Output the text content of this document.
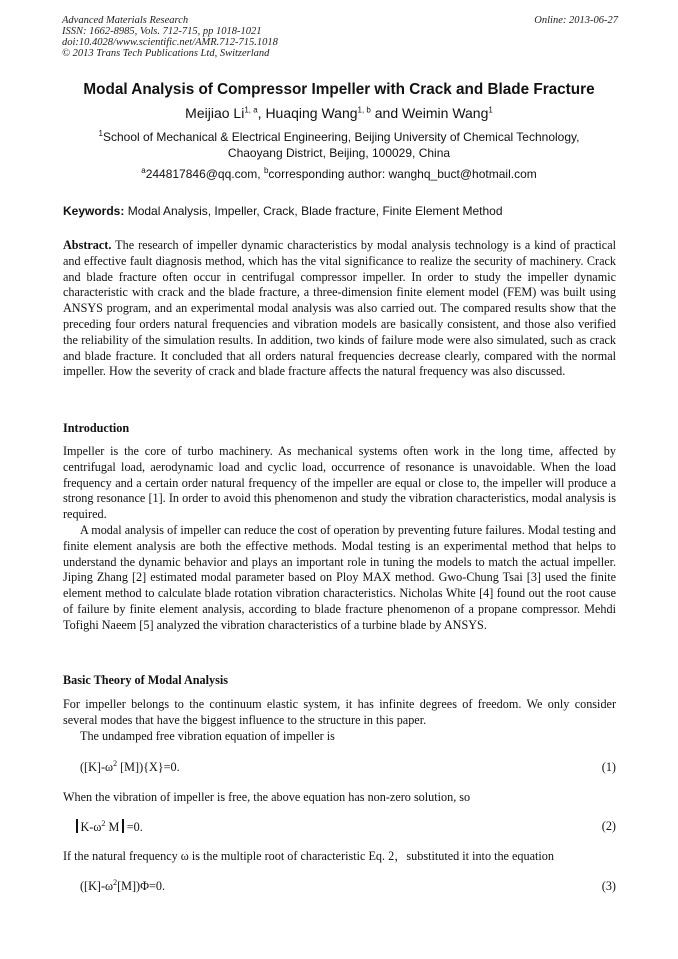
Advanced Materials Research
ISSN: 1662-8985, Vols. 712-715, pp 1018-1021
doi:10.4028/www.scientific.net/AMR.712-715.1018
© 2013 Trans Tech Publications Ltd, Switzerland
Online: 2013-06-27
Modal Analysis of Compressor Impeller with Crack and Blade Fracture
Meijiao Li$^{1, a}$, Huaqing Wang$^{1, b}$ and Weimin Wang$^1$
$^1$School of Mechanical & Electrical Engineering, Beijing University of Chemical Technology,
Chaoyang District, Beijing, 100029, China
$^a$244817846@qq.com, $^b$corresponding author: wanghq_buct@hotmail.com
Keywords: Modal Analysis, Impeller, Crack, Blade fracture, Finite Element Method
Abstract. The research of impeller dynamic characteristics by modal analysis technology is a kind of practical and effective fault diagnosis method, which has the vital significance to realize the security of machinery. Crack and blade fracture often occur in centrifugal compressor impeller. In order to study the impeller dynamic characteristic with crack and the blade fracture, a three-dimension finite element model (FEM) was built using ANSYS program, and an experimental modal analysis was also carried out. The compared results show that the preceding four orders natural frequencies and vibration models are basically consistent, and those also verified the reliability of the simulation results. In addition, two kinds of failure mode were also simulated, such as crack and blade fracture. It concluded that all orders natural frequencies decrease clearly, compared with the normal impeller. How the severity of crack and blade fracture affects the natural frequency was also discussed.
Introduction
Impeller is the core of turbo machinery. As mechanical systems often work in the long time, affected by centrifugal load, aerodynamic load and cyclic load, occurrence of resonance is unavoidable. When the load frequency and a certain order natural frequency of the impeller are equal or close to, the impeller will produce a strong resonance [1]. In order to avoid this phenomenon and study the vibration characteristics, modal analysis is required.
A modal analysis of impeller can reduce the cost of operation by preventing future failures. Modal testing and finite element analysis are both the effective methods. Modal testing is an experimental method that helps to understand the dynamic behavior and plays an important role in tuning the models to match the actual impeller. Jiping Zhang [2] estimated modal parameter based on Ploy MAX method. Gwo-Chung Tsai [3] used the finite element method to calculate blade rotation vibration characteristics. Nicholas White [4] found out the root cause of failure by finite element analysis, according to blade fracture phenomenon of a propane compressor. Mehdi Tofighi Naeem [5] analyzed the vibration characteristics of a turbine blade by ANSYS.
Basic Theory of Modal Analysis
For impeller belongs to the continuum elastic system, it has infinite degrees of freedom. We only consider several modes that have the biggest influence to the structure in this paper.
The undamped free vibration equation of impeller is
($[K]-\omega^2$ [M]){X}=0.	(1)
When the vibration of impeller is free, the above equation has non-zero solution, so
$K-\omega^2$ M =0.	(2)
If the natural frequency ω is the multiple root of characteristic Eq. 2，substituted it into the equation
$([K]-\omega^2[M])\Phi=0$.	(3)
